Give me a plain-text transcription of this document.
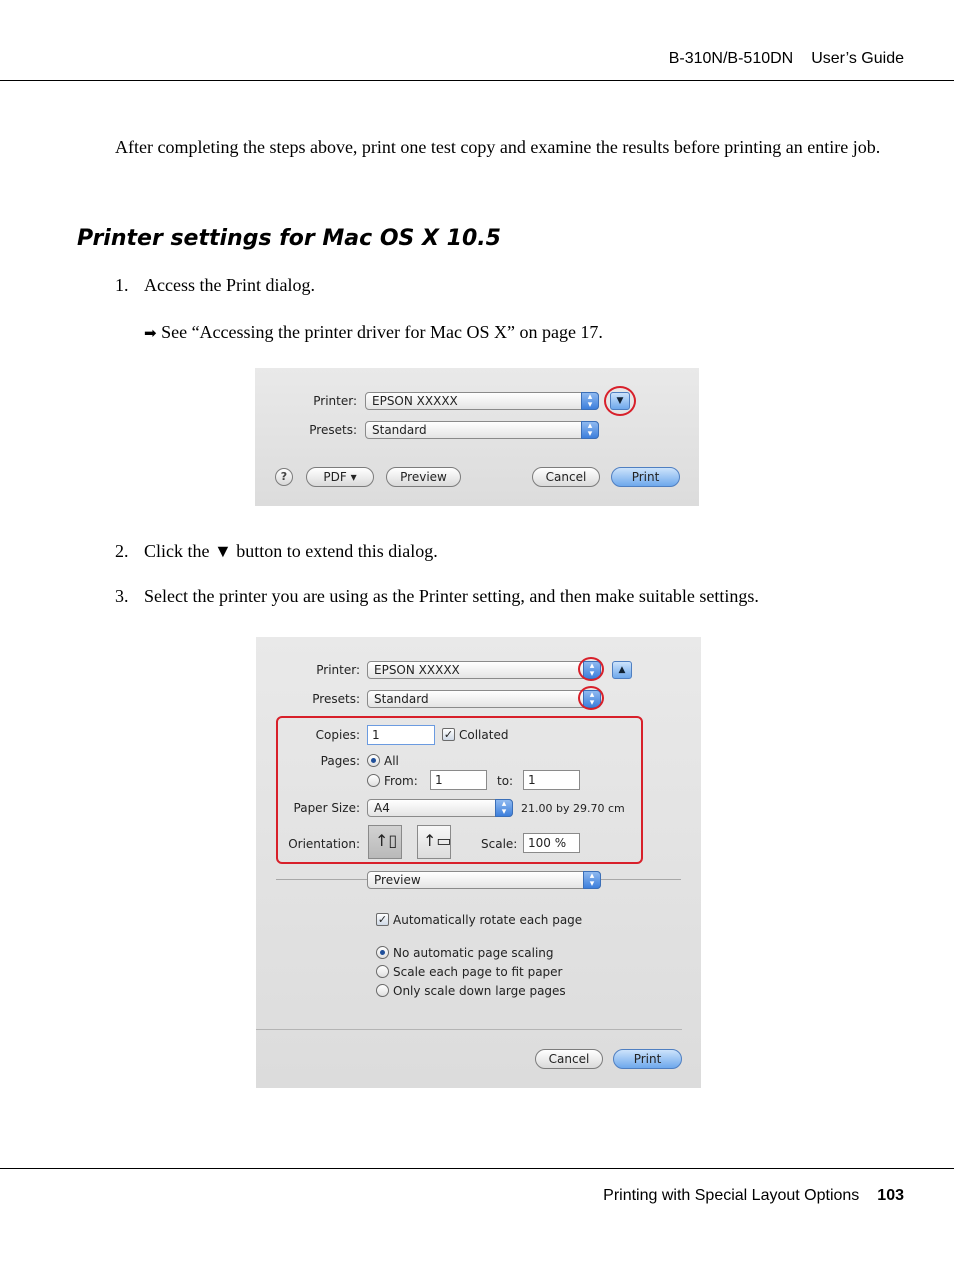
B-310N/B-510DN User’s Guide
After completing the steps above, print one test copy and examine the results before printing an entire job.
Printer settings for Mac OS X 10.5
1. Access the Print dialog.
➡ See “Accessing the printer driver for Mac OS X” on page 17.
Printer: EPSON XXXXX	▴
▾	▼
Presets: Standard	▴
▾
?	PDF ▾	Preview	Cancel	Print
2. Click the ▼ button to extend this dialog.
3. Select the printer you are using as the Printer setting, and then make suitable settings.
Printer: EPSON XXXXX	▴
▾	▲
Presets: Standard	▴
▾
Copies:	1	✓ Collated
Pages: All
From:	1	to:	1
Paper Size: A4	▴
▾	21.00 by 29.70 cm
Orientation: ↑▯ ↑▭ Scale: 100 %
Preview	▴
▾
✓ Automatically rotate each page
No automatic page scaling
Scale each page to fit paper
Only scale down large pages
Cancel	Print
Printing with Special Layout Options 103
